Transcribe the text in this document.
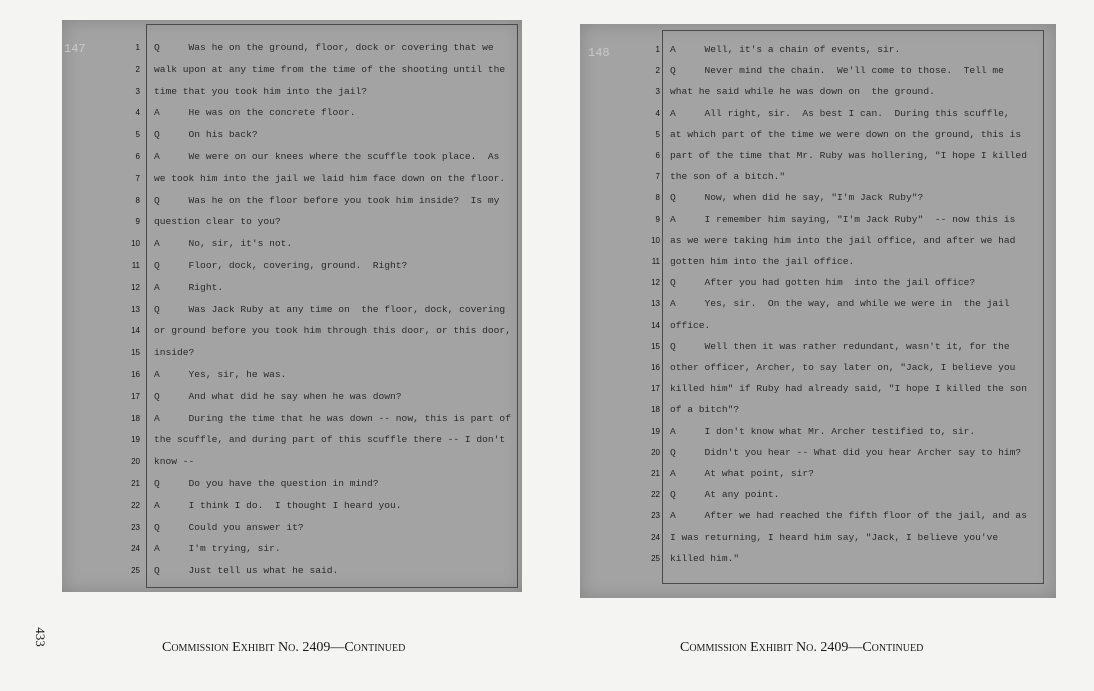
147	1 Q     Was he on the ground, floor, dock or covering that we
2 walk upon at any time from the time of the shooting until the
3 time that you took him into the jail?
4 A     He was on the concrete floor.
5 Q     On his back?
6 A     We were on our knees where the scuffle took place.  As
7 we took him into the jail we laid him face down on the floor.
8 Q     Was he on the floor before you took him inside?  Is my
9 question clear to you?
10 A     No, sir, it's not.
11 Q     Floor, dock, covering, ground.  Right?
12 A     Right.
13 Q     Was Jack Ruby at any time on  the floor, dock, covering
14 or ground before you took him through this door, or this door,
15 inside?
16 A     Yes, sir, he was.
17 Q     And what did he say when he was down?
18 A     During the time that he was down -- now, this is part of
19 the scuffle, and during part of this scuffle there -- I don't
20 know --
21 Q     Do you have the question in mind?
22 A     I think I do.  I thought I heard you.
23 Q     Could you answer it?
24 A     I'm trying, sir.
25 Q     Just tell us what he said.
148	1 A     Well, it's a chain of events, sir.
2 Q     Never mind the chain.  We'll come to those.  Tell me
3 what he said while he was down on  the ground.
4 A     All right, sir.  As best I can.  During this scuffle,
5 at which part of the time we were down on the ground, this is
6 part of the time that Mr. Ruby was hollering, "I hope I killed
7 the son of a bitch."
8 Q     Now, when did he say, "I'm Jack Ruby"?
9 A     I remember him saying, "I'm Jack Ruby"  -- now this is
10 as we were taking him into the jail office, and after we had
11 gotten him into the jail office.
12 Q     After you had gotten him  into the jail office?
13 A     Yes, sir.  On the way, and while we were in  the jail
14 office.
15 Q     Well then it was rather redundant, wasn't it, for the
16 other officer, Archer, to say later on, "Jack, I believe you
17 killed him" if Ruby had already said, "I hope I killed the son
18 of a bitch"?
19 A     I don't know what Mr. Archer testified to, sir.
20 Q     Didn't you hear -- What did you hear Archer say to him?
21 A     At what point, sir?
22 Q     At any point.
23 A     After we had reached the fifth floor of the jail, and as
24 I was returning, I heard him say, "Jack, I believe you've
25 killed him."
Commission Exhibit No. 2409—Continued	Commission Exhibit No. 2409—Continued
433
